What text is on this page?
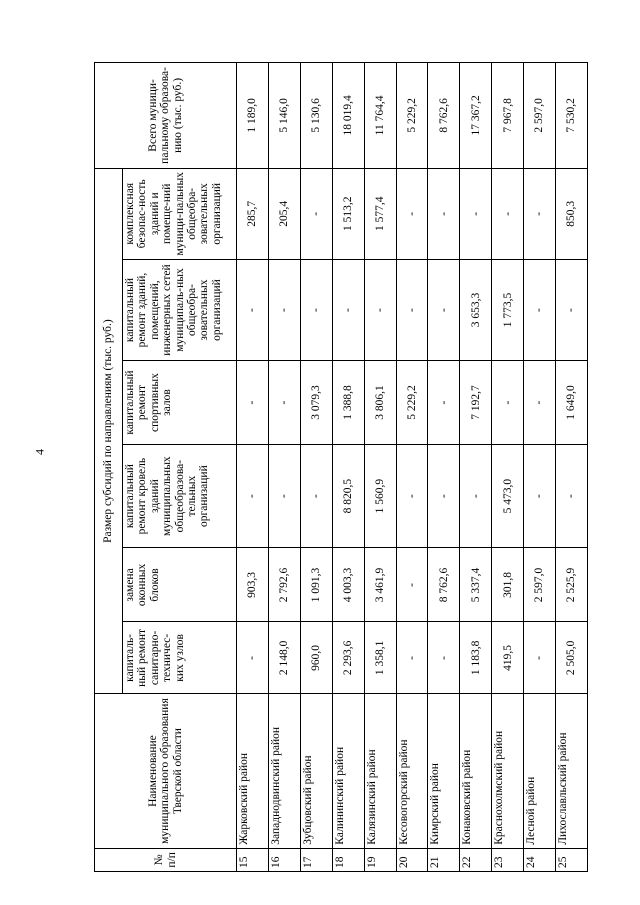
4
№ п/п	Наименование муниципального образования Тверской области	Размер субсидий по направлениям (тыс. руб.)						Всего муници-пальному образова-нию (тыс. руб.)
		капиталь-ный ремонт санитарно-техничес-ких узлов	замена оконных блоков	капитальный ремонт кровель зданий муниципальных общеобразова-тельных организаций	капитальный ремонт спортивных залов	капитальный ремонт зданий, помещений, инженерных сетей муниципаль-ных общеобра-зовательных организаций	комплексная безопас-ность зданий и помеще-ний муници-пальных общеобра-зовательных организаций	
15	Жарковский район	-	903,3	-	-	-	285,7	1 189,0
16	Западнодвинский район	2 148,0	2 792,6	-	-	-	205,4	5 146,0
17	Зубцовский район	960,0	1 091,3	-	3 079,3	-	-	5 130,6
18	Калининский район	2 293,6	4 003,3	8 820,5	1 388,8	-	1 513,2	18 019,4
19	Калязинский район	1 358,1	3 461,9	1 560,9	3 806,1	-	1 577,4	11 764,4
20	Кесовогорский район	-	-	-	5 229,2	-	-	5 229,2
21	Кимрский район	-	8 762,6	-	-	-	-	8 762,6
22	Конаковский район	1 183,8	5 337,4	-	7 192,7	3 653,3	-	17 367,2
23	Краснохолмский район	419,5	301,8	5 473,0	-	1 773,5	-	7 967,8
24	Лесной район	-	2 597,0	-	-	-	-	2 597,0
25	Лихославльский район	2 505,0	2 525,9	-	1 649,0	-	850,3	7 530,2
